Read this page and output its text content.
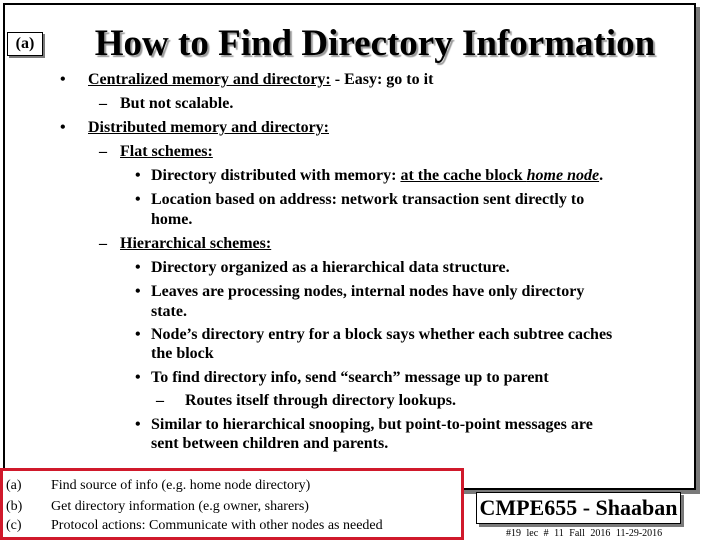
(a)	How to Find Directory Information
• Centralized memory and directory: - Easy: go to it
– But not scalable.
• Distributed memory and directory:
– Flat schemes:
• Directory distributed with memory: at the cache block home node.
• Location based on address: network transaction sent directly to
home.
– Hierarchical schemes:
• Directory organized as a hierarchical data structure.
• Leaves are processing nodes, internal nodes have only directory
state.
• Node’s directory entry for a block says whether each subtree caches
the block
• To find directory info, send “search” message up to parent
– Routes itself through directory lookups.
• Similar to hierarchical snooping, but point-to-point messages are
sent between children and parents.
(a) Find source of info (e.g. home node directory)
(b) Get directory information (e.g owner, sharers)
(c) Protocol actions: Communicate with other nodes as needed
CMPE655 - Shaaban
#19 lec # 11 Fall 2016 11-29-2016
